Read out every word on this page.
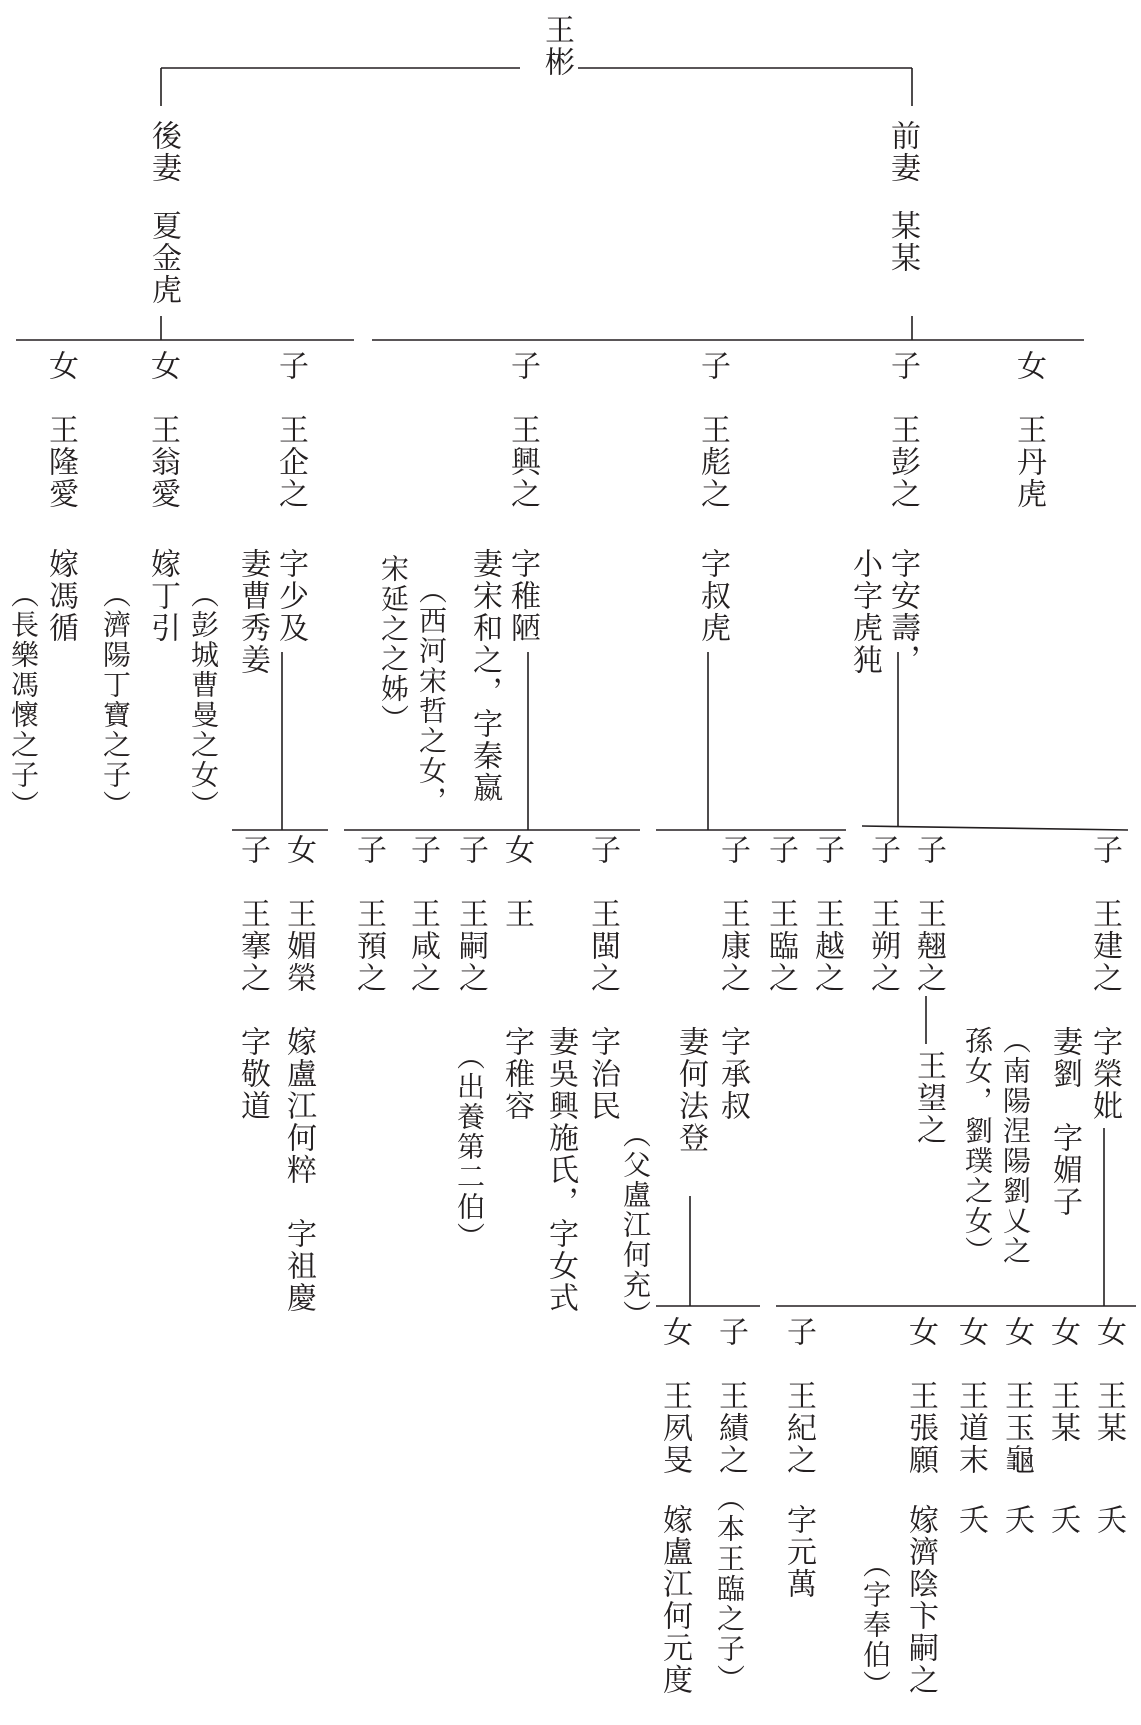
王彬
後妻
夏金虎
前妻
某某
女
王隆愛
嫁馮循
（長樂馮懷之子）
女
王翁愛
嫁丁引
（濟陽丁寶之子）
子
王企之
字少及
妻曹秀姜
（彭城曹曼之女）
子
王興之
字稚陋
妻宋和之，字秦嬴
（西河宋哲之女，
宋延之之姊）
子
王彪之
字叔虎
子
王彭之
字安壽，
小字虎㹠
女
王丹虎
子
王搴之
字敬道
女
王媚榮
嫁盧江何粹　字祖慶
子
王預之
子
王咸之
子
王嗣之
（出養第二伯）
女
王
字稚容
子
王閩之
字治民
妻吳興施氏，字女式 （父盧江何充）
子
王康之
字承叔
妻何法登
子
王臨之
子
王越之
子
王朔之
子
王翹之
王望之
子
王建之
字榮妣
妻劉　字媚子
（南陽涅陽劉乂之
孫女，劉璞之女）
女
王夙旻
嫁盧江何元度
子
王績之
（本王臨之子）
子
王紀之
字元萬
女
王張願
嫁濟陰卞嗣之
（字奉伯）
女
王道末
夭
女
王玉龜
夭
女
王某
夭
女
王某
夭
